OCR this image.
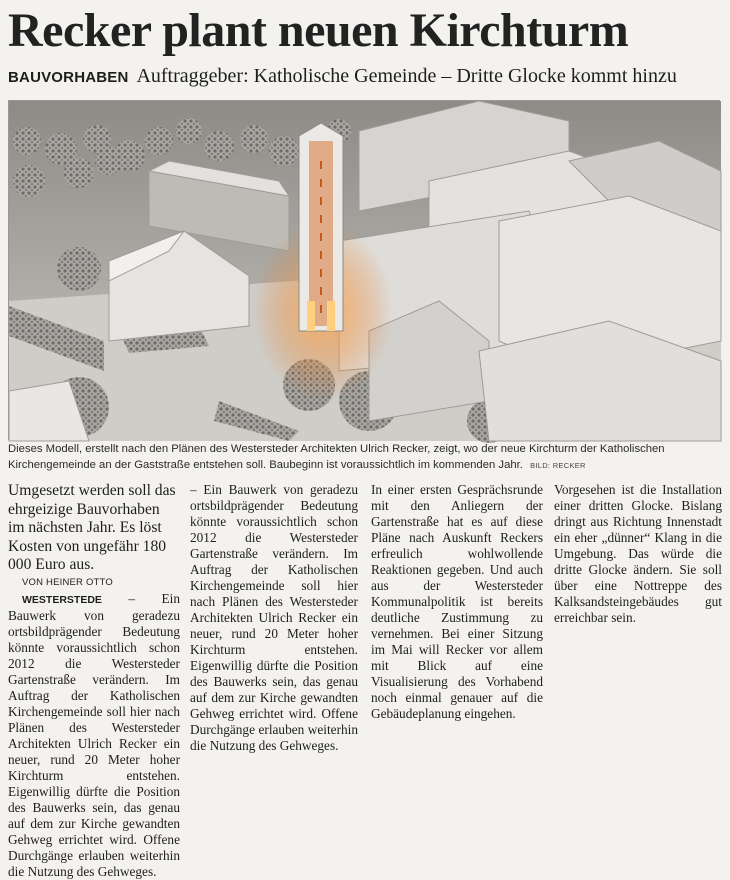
Recker plant neuen Kirchturm
BAUVORHABEN Auftraggeber: Katholische Gemeinde – Dritte Glocke kommt hinzu
Dieses Modell, erstellt nach den Plänen des Westersteder Architekten Ulrich Recker, zeigt, wo der neue Kirchturm der Katholischen Kirchengemeinde an der Gaststraße entstehen soll. Baubeginn ist voraussichtlich im kommenden Jahr. BILD: RECKER

Umgesetzt werden soll das ehrgeizige Bauvorhaben im nächsten Jahr. Es löst Kosten von ungefähr 180 000 Euro aus.

VON HEINER OTTO

WESTERSTEDE – Ein Bauwerk von geradezu ortsbildprägender Bedeutung könnte voraussichtlich schon 2012 die Westersteder Gartenstraße verändern. Im Auftrag der Katholischen Kirchengemeinde soll hier nach Plänen des Westersteder Architekten Ulrich Recker ein neuer, rund 20 Meter hoher Kirchturm entstehen. Eigenwillig dürfte die Position des Bauwerks sein, das genau auf dem zur Kirche gewandten Gehweg errichtet wird. Offene Durchgänge erlauben weiterhin die Nutzung des Gehweges.

– Ein Bauwerk von geradezu ortsbildprägender Bedeutung könnte voraussichtlich schon 2012 die Westersteder Gartenstraße verändern. Im Auftrag der Katholischen Kirchengemeinde soll hier nach Plänen des Westersteder Architekten Ulrich Recker ein neuer, rund 20 Meter hoher Kirchturm entstehen. Eigenwillig dürfte die Position des Bauwerks sein, das genau auf dem zur Kirche gewandten Gehweg errichtet wird. Offene Durchgänge erlauben weiterhin die Nutzung des Gehweges.

In einer ersten Gesprächsrunde mit den Anliegern der Gartenstraße hat es auf diese Pläne nach Auskunft Reckers erfreulich wohlwollende Reaktionen gegeben. Und auch aus der Westersteder Kommunalpolitik ist bereits deutliche Zustimmung zu vernehmen. Bei einer Sitzung im Mai will Recker vor allem mit Blick auf eine Visualisierung des Vorhabend noch einmal genauer auf die Gebäudeplanung eingehen.

Vorgesehen ist die Installation einer dritten Glocke. Bislang dringt aus Richtung Innenstadt ein eher „dünner“ Klang in die Umgebung. Das würde die dritte Glocke ändern. Sie soll über eine Nottreppe des Kalksandsteingebäudes gut erreichbar sein.
